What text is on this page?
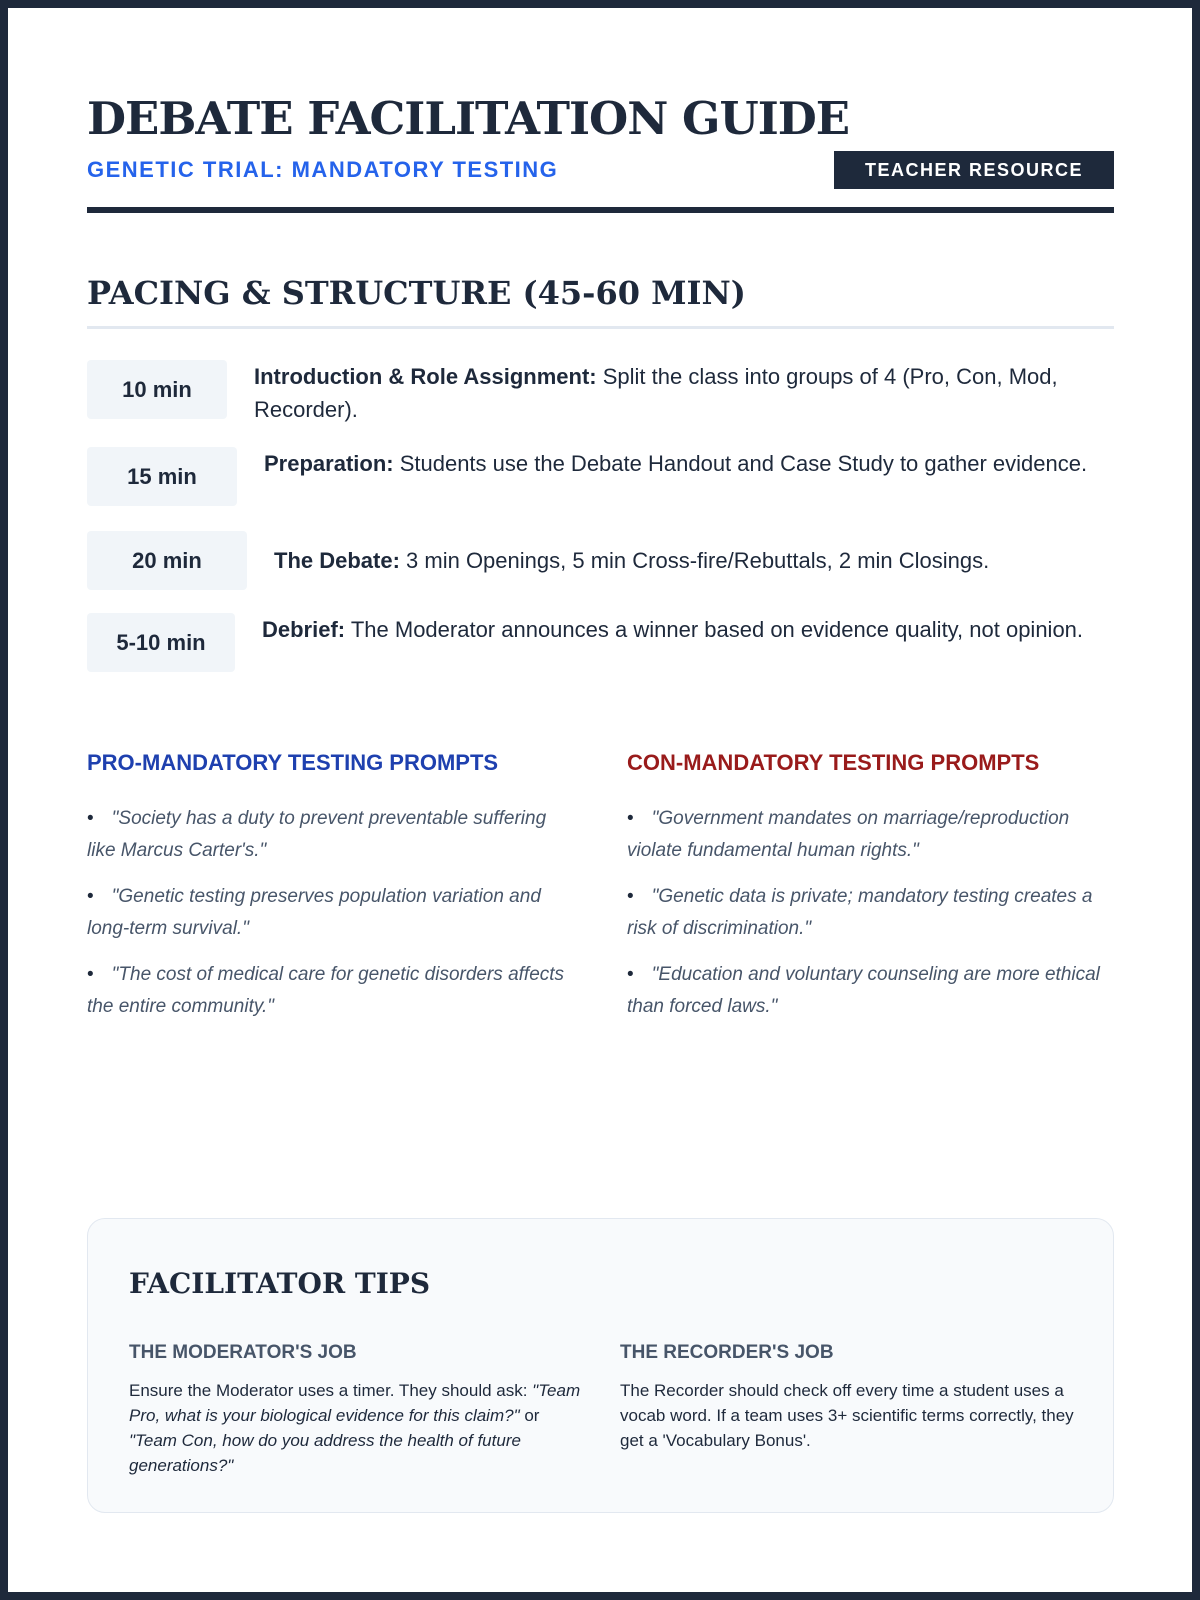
DEBATE FACILITATION GUIDE
GENETIC TRIAL: MANDATORY TESTING	TEACHER RESOURCE
PACING & STRUCTURE (45-60 MIN)
10 min	Introduction & Role Assignment: Split the class into groups of 4 (Pro, Con, Mod, Recorder).
15 min	Preparation: Students use the Debate Handout and Case Study to gather evidence.
20 min	The Debate: 3 min Openings, 5 min Cross-fire/Rebuttals, 2 min Closings.
5-10 min	Debrief: The Moderator announces a winner based on evidence quality, not opinion.
PRO-MANDATORY TESTING PROMPTS
• "Society has a duty to prevent preventable suffering like Marcus Carter's."
• "Genetic testing preserves population variation and long-term survival."
• "The cost of medical care for genetic disorders affects the entire community."
CON-MANDATORY TESTING PROMPTS
• "Government mandates on marriage/reproduction violate fundamental human rights."
• "Genetic data is private; mandatory testing creates a risk of discrimination."
• "Education and voluntary counseling are more ethical than forced laws."
FACILITATOR TIPS
THE MODERATOR'S JOB
Ensure the Moderator uses a timer. They should ask: "Team Pro, what is your biological evidence for this claim?" or "Team Con, how do you address the health of future generations?"
THE RECORDER'S JOB
The Recorder should check off every time a student uses a vocab word. If a team uses 3+ scientific terms correctly, they get a 'Vocabulary Bonus'.
